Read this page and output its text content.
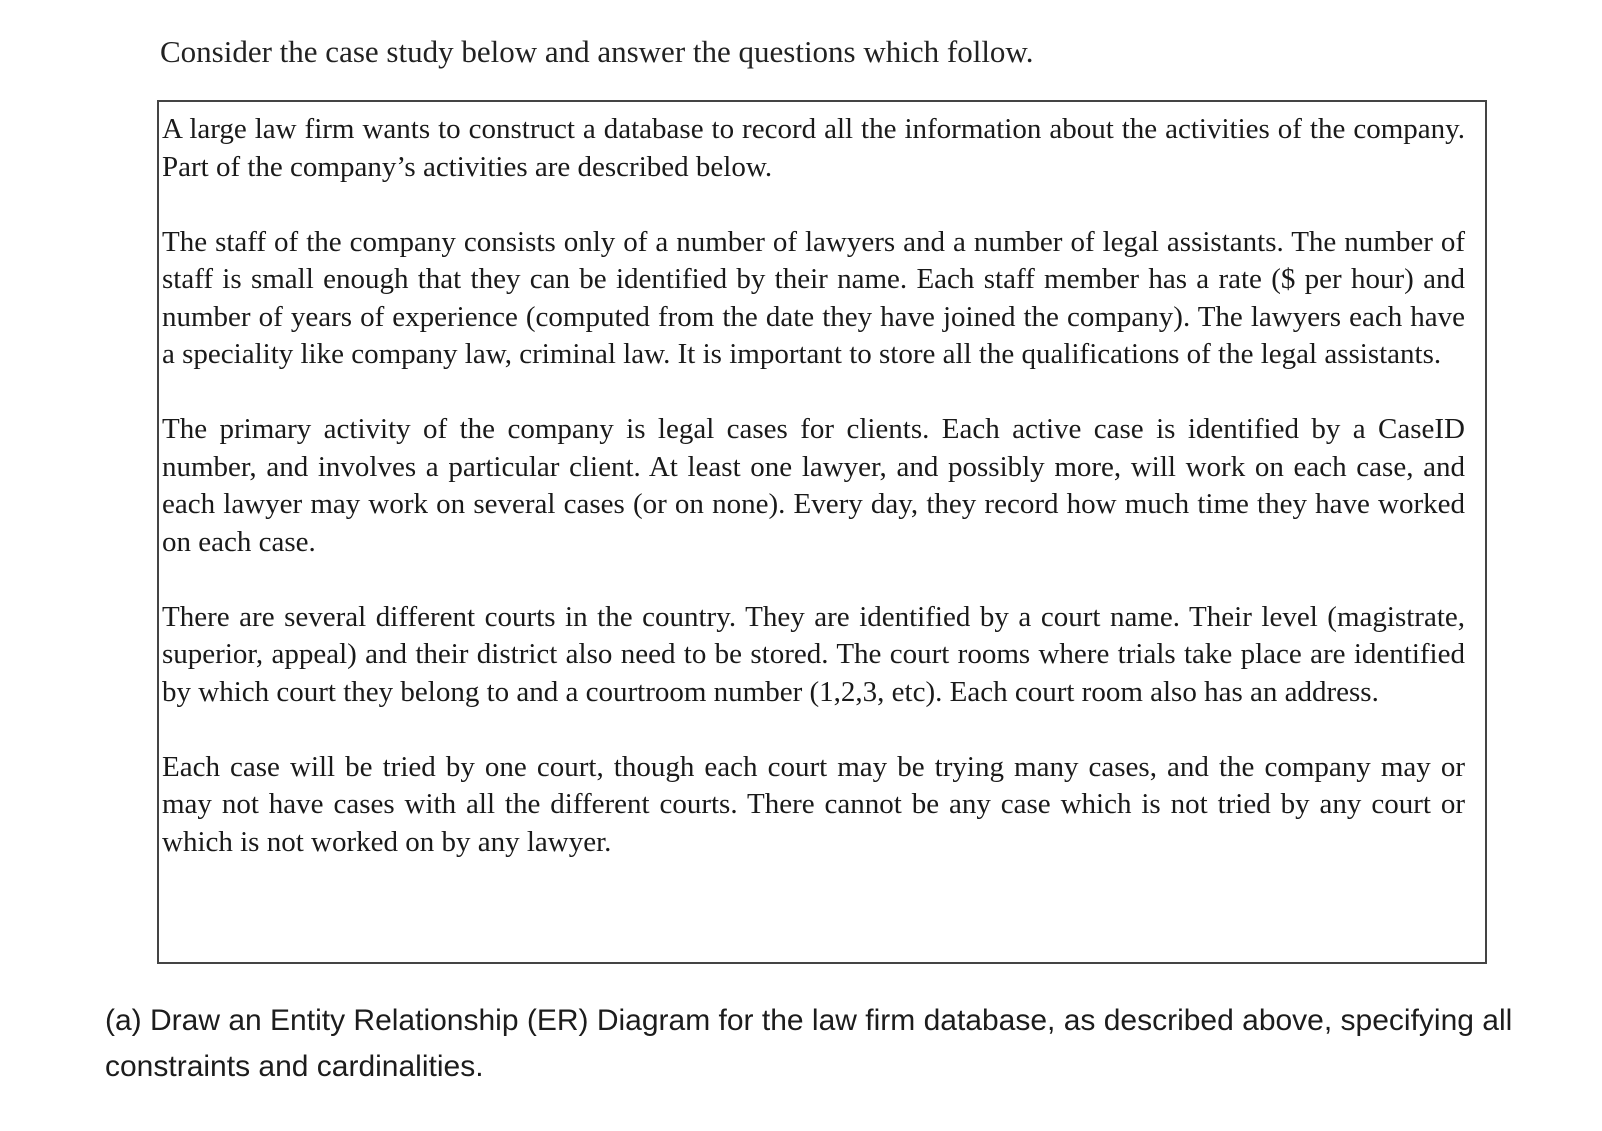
Consider the case study below and answer the questions which follow.

A large law firm wants to construct a database to record all the information about the activities of the company. Part of the company’s activities are described below.

The staff of the company consists only of a number of lawyers and a number of legal assistants. The number of staff is small enough that they can be identified by their name. Each staff member has a rate ($ per hour) and number of years of experience (computed from the date they have joined the company). The lawyers each have a speciality like company law, criminal law. It is important to store all the qualifications of the legal assistants.

The primary activity of the company is legal cases for clients. Each active case is identified by a CaseID number, and involves a particular client. At least one lawyer, and possibly more, will work on each case, and each lawyer may work on several cases (or on none). Every day, they record how much time they have worked on each case.

There are several different courts in the country. They are identified by a court name. Their level (magistrate, superior, appeal) and their district also need to be stored. The court rooms where trials take place are identified by which court they belong to and a courtroom number (1,2,3, etc). Each court room also has an address.

Each case will be tried by one court, though each court may be trying many cases, and the company may or may not have cases with all the different courts. There cannot be any case which is not tried by any court or which is not worked on by any lawyer.

(a) Draw an Entity Relationship (ER) Diagram for the law firm database, as described above, specifying all constraints and cardinalities.
